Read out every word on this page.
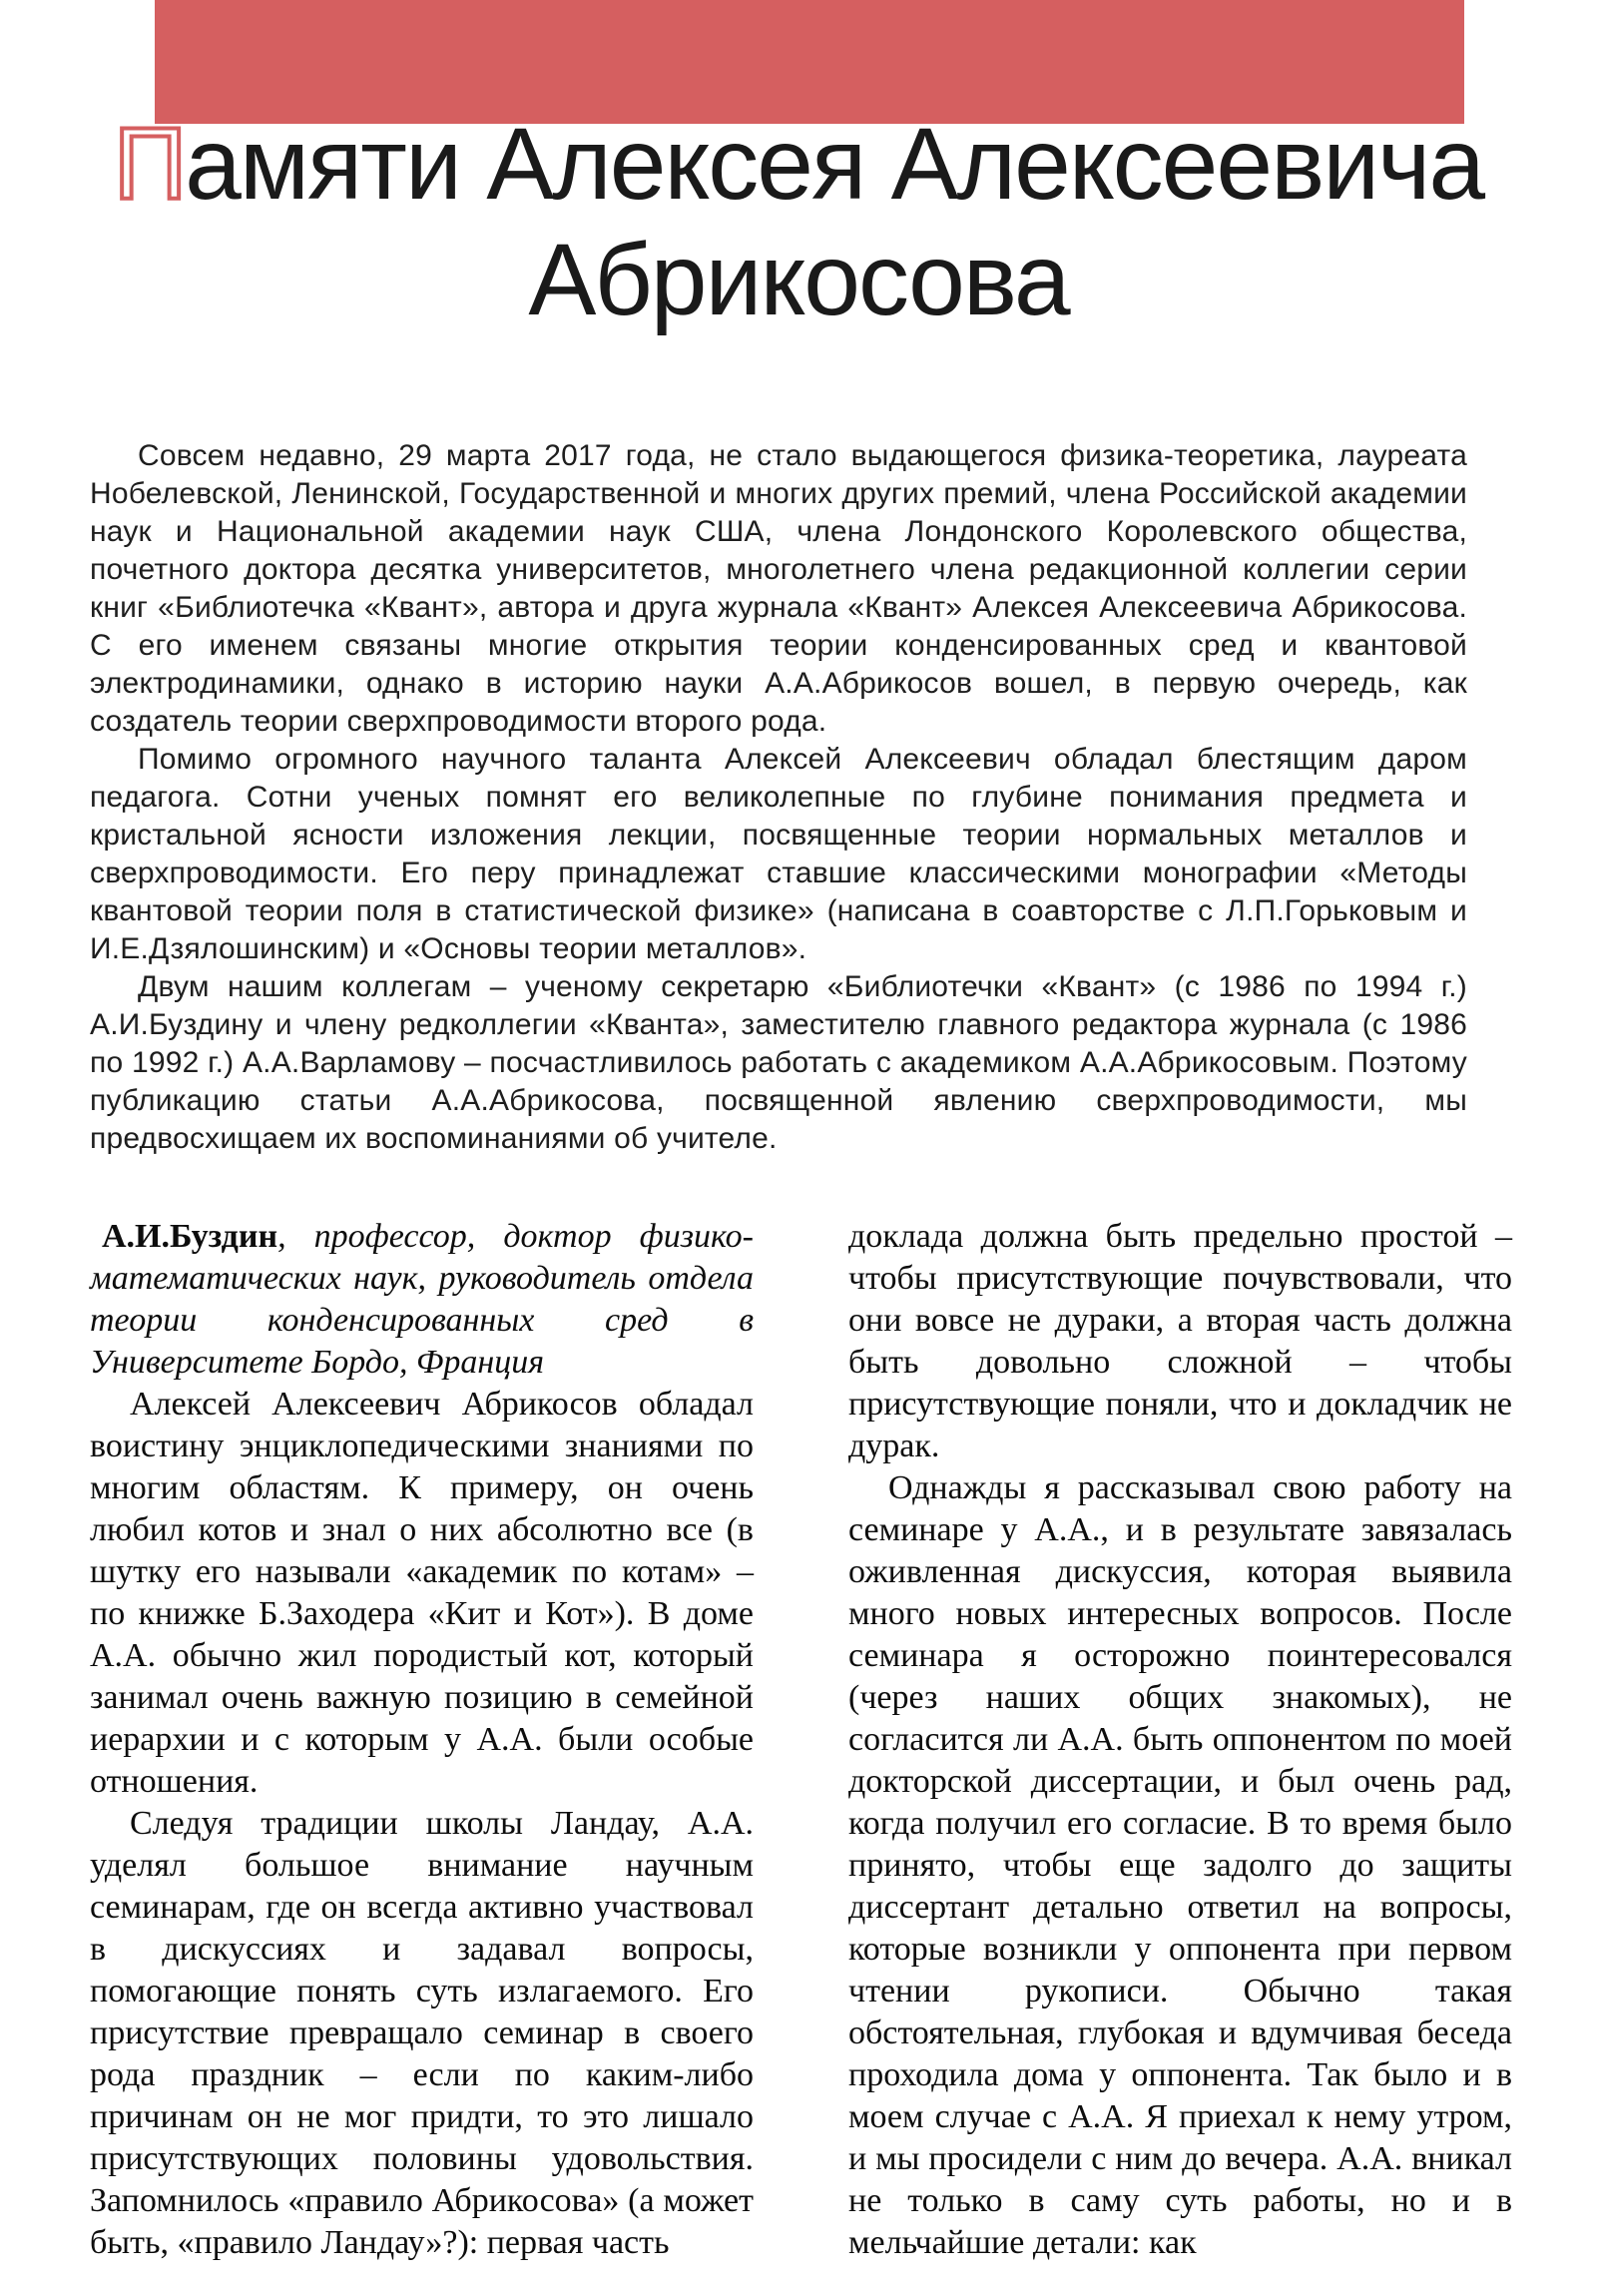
Памяти Алексея Алексеевича
Абрикосова

Совсем недавно, 29 марта 2017 года, не стало выдающегося физика-теоретика, лауреата Нобелевской, Ленинской, Государственной и многих других премий, члена Российской академии наук и Национальной академии наук США, члена Лондонского Королевского общества, почетного доктора десятка университетов, многолетнего члена редакционной коллегии серии книг «Библиотечка «Квант», автора и друга журнала «Квант» Алексея Алексеевича Абрикосова. С его именем связаны многие открытия теории конденсированных сред и квантовой электродинамики, однако в историю науки А.А.Абрикосов вошел, в первую очередь, как создатель теории сверхпроводимости второго рода.

Помимо огромного научного таланта Алексей Алексеевич обладал блестящим даром педагога. Сотни ученых помнят его великолепные по глубине понимания предмета и кристальной ясности изложения лекции, посвященные теории нормальных металлов и сверхпроводимости. Его перу принадлежат ставшие классическими монографии «Методы квантовой теории поля в статистической физике» (написана в соавторстве с Л.П.Горьковым и И.Е.Дзялошинским) и «Основы теории металлов».

Двум нашим коллегам – ученому секретарю «Библиотечки «Квант» (с 1986 по 1994 г.) А.И.Буздину и члену редколлегии «Кванта», заместителю главного редактора журнала (с 1986 по 1992 г.) А.А.Варламову – посчастливилось работать с академиком А.А.Абрикосовым. Поэтому публикацию статьи А.А.Абрикосова, посвященной явлению сверхпроводимости, мы предвосхищаем их воспоминаниями об учителе.

А.И.Буздин, профессор, доктор физико-математических наук, руководитель отдела теории конденсированных сред в Университете Бордо, Франция

Алексей Алексеевич Абрикосов обладал воистину энциклопедическими знаниями по многим областям. К примеру, он очень любил котов и знал о них абсолютно все (в шутку его называли «академик по котам» – по книжке Б.Заходера «Кит и Кот»). В доме А.А. обычно жил породистый кот, который занимал очень важную позицию в семейной иерархии и с которым у А.А. были особые отношения.

Следуя традиции школы Ландау, А.А. уделял большое внимание научным семинарам, где он всегда активно участвовал в дискуссиях и задавал вопросы, помогающие понять суть излагаемого. Его присутствие превращало семинар в своего рода праздник – если по каким-либо причинам он не мог придти, то это лишало присутствующих половины удовольствия. Запомнилось «правило Абрикосова» (а может быть, «правило Ландау»?): первая часть

доклада должна быть предельно простой – чтобы присутствующие почувствовали, что они вовсе не дураки, а вторая часть должна быть довольно сложной – чтобы присутствующие поняли, что и докладчик не дурак.

Однажды я рассказывал свою работу на семинаре у А.А., и в результате завязалась оживленная дискуссия, которая выявила много новых интересных вопросов. После семинара я осторожно поинтересовался (через наших общих знакомых), не согласится ли А.А. быть оппонентом по моей докторской диссертации, и был очень рад, когда получил его согласие. В то время было принято, чтобы еще задолго до защиты диссертант детально ответил на вопросы, которые возникли у оппонента при первом чтении рукописи. Обычно такая обстоятельная, глубокая и вдумчивая беседа проходила дома у оппонента. Так было и в моем случае с А.А. Я приехал к нему утром, и мы просидели с ним до вечера. А.А. вникал не только в саму суть работы, но и в мельчайшие детали: как
